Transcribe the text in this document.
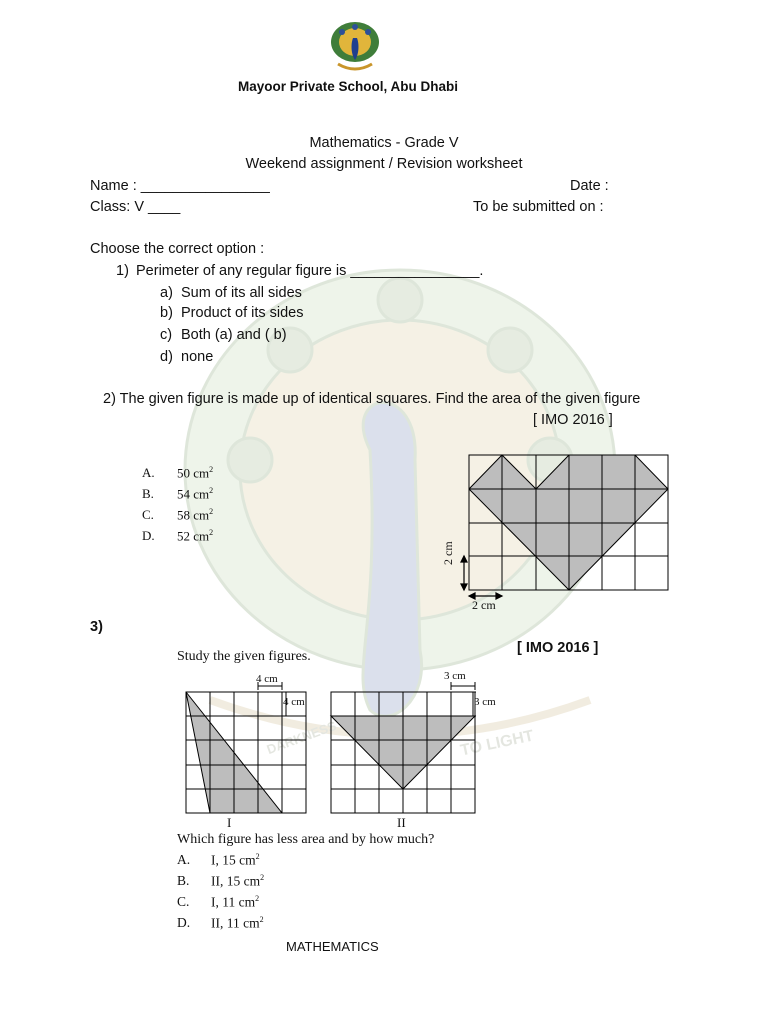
DARKNESS	TO LIGHT
Mayoor Private School, Abu Dhabi
Mathematics - Grade V
Weekend assignment / Revision worksheet
Name : ________________	Date :
Class: V ____	To be submitted on :
Choose the correct option :
1) Perimeter of any regular figure is ________________.
a) Sum of its all sides
b) Product of its sides
c) Both (a) and ( b)
d) none
2) The given figure is made up of identical squares. Find the area of the given figure
[ IMO 2016 ]
A. 50 $cm^2$
B. 54 $cm^2$
C. 58 $cm^2$
D. 52 $cm^2$
2 cm
2 cm
3)
[ IMO 2016 ]
Study the given figures.
4 cm
4 cm
I
3 cm
3 cm
II
Which figure has less area and by how much?
A. I, 15 $cm^2$
B. II, 15 $cm^2$
C. I, 11 $cm^2$
D. II, 11 $cm^2$
MATHEMATICS
